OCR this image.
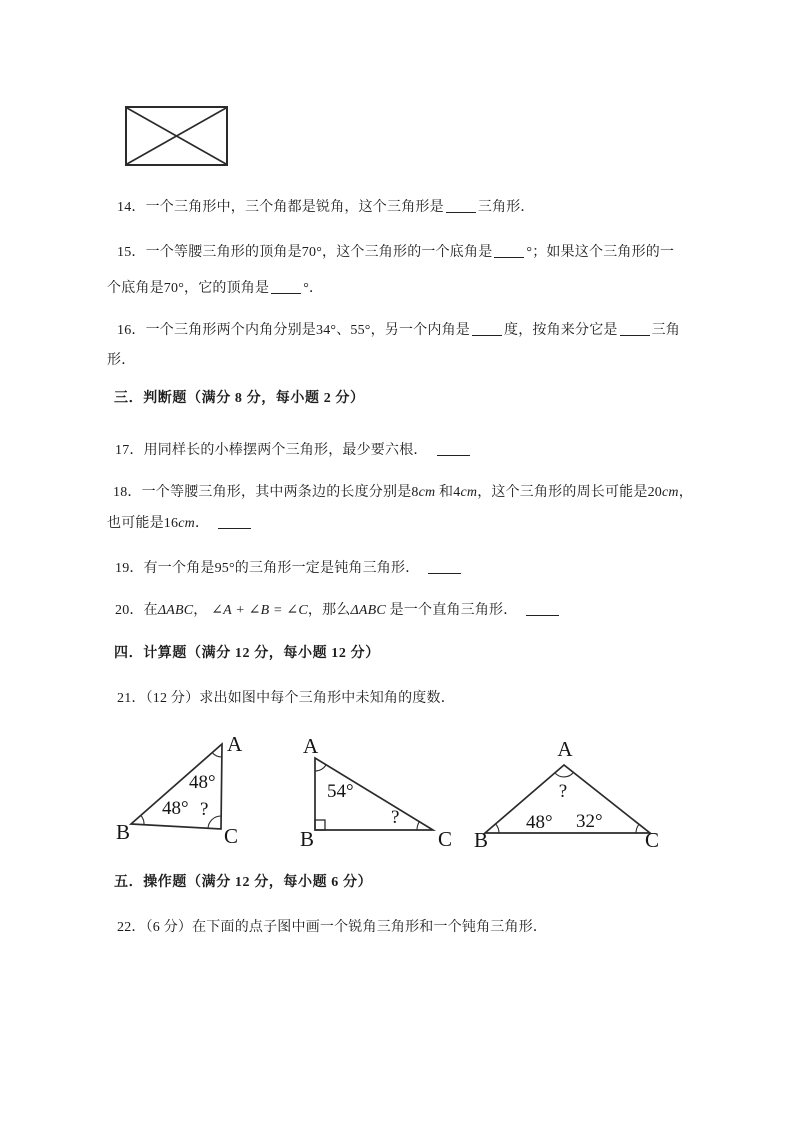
14．一个三角形中，三个角都是锐角，这个三角形是 三角形．
15．一个等腰三角形的顶角是70°，这个三角形的一个底角是 °；如果这个三角形的一
个底角是70°，它的顶角是 °．
16．一个三角形两个内角分别是34°、55°，另一个内角是 度，按角来分它是 三角
形．
三．判断题（满分 8 分，每小题 2 分）
17．用同样长的小棒摆两个三角形，最少要六根．
18．一个等腰三角形，其中两条边的长度分别是8cm 和4cm，这个三角形的周长可能是20cm，
也可能是16cm．
19．有一个角是95°的三角形一定是钝角三角形．
20．在ΔABC， ∠A + ∠B = ∠C，那么ΔABC 是一个直角三角形．
四．计算题（满分 12 分，每小题 12 分）
21．（12 分）求出如图中每个三角形中未知角的度数．
A
B	C
48°
48° ?
A
B	C
54°
?
A
B	C
?
48° 32°
五．操作题（满分 12 分，每小题 6 分）
22．（6 分）在下面的点子图中画一个锐角三角形和一个钝角三角形．
